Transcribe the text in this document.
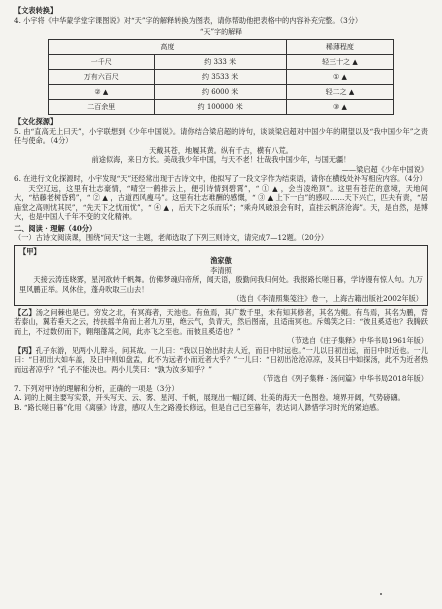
【文表转换】

4. 小宇将《中华蒙学堂字课图说》对“天”字的解释转换为图表，请你帮助他把表格中的内容补充完整。（3分）

“天”字的解释
高度		稀薄程度
一千尺	约 333 米	轻三十之 ▲
万有六百尺	约 3533 米	① ▲
② ▲	约 6000 米	轻二之 ▲
二百余里	约 100000 米	③ ▲
【文化探源】

5. 由“直高无上曰天”，小宇联想到《少年中国说》。请你结合梁启超的诗句，谈谈梁启超对中国少年的期望以及“我中国少年”之责任与使命。（4分）

天戴其苍，地履其黄。纵有千古，横有八荒。

前途似海，来日方长。美哉我少年中国，与天不老！壮哉我中国少年，与国无疆！

——梁启超《少年中国说》

6. 在进行文化探源时，小宇发现“天”还经常出现于古诗文中，他拟写了一段文字作为结束语，请你在横线处补写相应内容。（4分）

天空辽远，这里有壮志豪情，“晴空一鹤排云上，便引诗情到碧霄”，“ ① ▲ ，会当凌绝顶”。这里有苍茫的意境，天地间大，“枯藤老树昏鸦”，“ ② ▲ ，古道西风瘦马”。这里有壮志难酬的感慨，“ ③ ▲ 上下一白”的感叹……天下兴亡，匹夫有责，“居庙堂之高则忧其民”，“先天下之忧而忧”，“ ④ ▲ ，后天下之乐而乐”；“乘舟风破浪会有时，直挂云帆济沧海”。天，是自然，是博大，也是中国人千年不变的文化精神。

二、阅读 · 理解（40分）

（一）古诗文阅读课，围绕“问天”这一主题，老师选取了下列三则诗文，请完成7—12题。（20分）

【甲】
渔家傲
李清照

天接云涛连晓雾，星河欲转千帆舞。仿佛梦魂归帝所，闻天语，殷勤问我归何处。我报路长嗟日暮，学诗谩有惊人句。九万里风鹏正举。风休住，蓬舟吹取三山去！

（选自《李清照集笺注》卷一，上海古籍出版社2002年版）

【乙】汤之问棘也是已。穷发之北，有冥海者，天池也。有鱼焉，其广数千里，未有知其修者，其名为鲲。有鸟焉，其名为鹏，背若泰山，翼若垂天之云，抟扶摇羊角而上者九万里，绝云气，负青天，然后图南，且适南冥也。斥鴳笑之曰：“彼且奚适也？我腾跃而上，不过数仞而下，翱翔蓬蒿之间，此亦飞之至也。而彼且奚适也？”

（节选自《庄子集释》中华书局1961年版）

【丙】孔子东游，见两小儿辩斗，问其故。一儿曰：“我以日始出时去人近，而日中时远也。”一儿以日初出远，而日中时近也。一儿曰：“日初出大如车盖，及日中则如盘盂，此不为远者小而近者大乎？”一儿曰：“日初出沧沧凉凉，及其日中如探汤，此不为近者热而远者凉乎？”孔子不能决也。两小儿笑曰：“孰为汝多知乎？”

（节选自《列子集释 · 汤问篇》中华书局2018年版）

7. 下列对甲诗的理解和分析，正确的一项是（3分）

A. 词的上阕主要写实景，开头写天、云、雾、星河、千帆，展现出一幅辽阔、壮美的海天一色图卷。境界开阔，气势磅礴。

B. “路长嗟日暮”化用《离骚》诗意，感叹人生之路漫长修远，但是自己已至暮年，表达词人渺惜学习时光的紧迫感。
